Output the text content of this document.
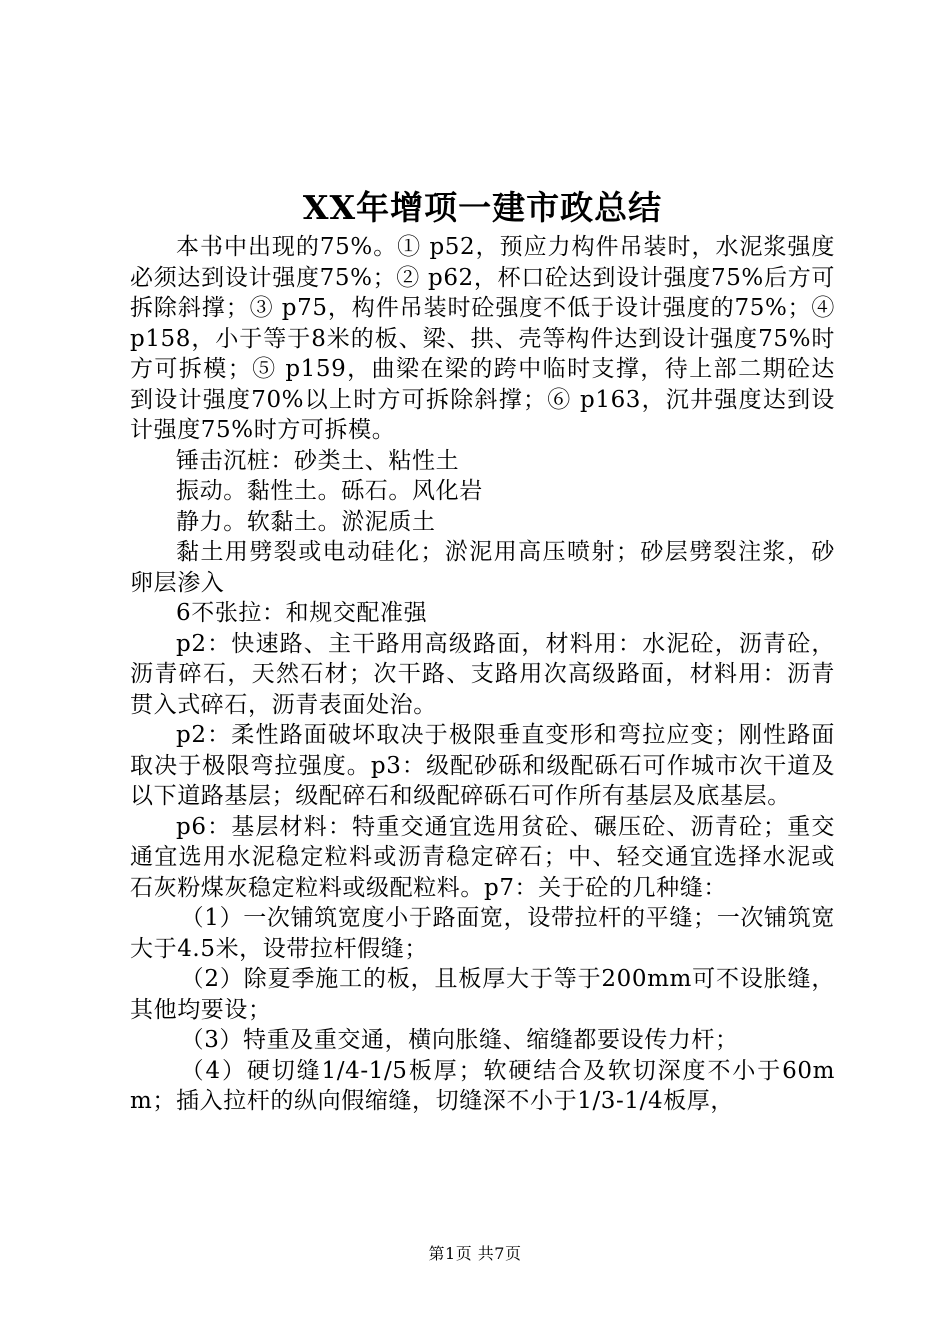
XX年增项一建市政总结

本书中出现的75%。① p52，预应力构件吊装时，水泥浆强度必须达到设计强度75%；② p62，杯口砼达到设计强度75%后方可拆除斜撑；③ p75，构件吊装时砼强度不低于设计强度的75%；④ p158，小于等于8米的板、梁、拱、壳等构件达到设计强度75%时方可拆模；⑤ p159，曲梁在梁的跨中临时支撑，待上部二期砼达到设计强度70%以上时方可拆除斜撑；⑥ p163，沉井强度达到设计强度75%时方可拆模。

锤击沉桩：砂类土、粘性土

振动。黏性土。砾石。风化岩

静力。软黏土。淤泥质土

黏土用劈裂或电动硅化；淤泥用高压喷射；砂层劈裂注浆，砂卵层渗入

6不张拉：和规交配准强

p2：快速路、主干路用高级路面，材料用：水泥砼，沥青砼，沥青碎石，天然石材；次干路、支路用次高级路面，材料用：沥青贯入式碎石，沥青表面处治。

p2：柔性路面破坏取决于极限垂直变形和弯拉应变；刚性路面取决于极限弯拉强度。p3：级配砂砾和级配砾石可作城市次干道及以下道路基层；级配碎石和级配碎砾石可作所有基层及底基层。

p6：基层材料：特重交通宜选用贫砼、碾压砼、沥青砼；重交通宜选用水泥稳定粒料或沥青稳定碎石；中、轻交通宜选择水泥或石灰粉煤灰稳定粒料或级配粒料。p7：关于砼的几种缝：

（1）一次铺筑宽度小于路面宽，设带拉杆的平缝；一次铺筑宽大于4.5米，设带拉杆假缝；

（2）除夏季施工的板，且板厚大于等于200mm可不设胀缝，其他均要设；

（3）特重及重交通，横向胀缝、缩缝都要设传力杆；

（4）硬切缝1/4-1/5板厚；软硬结合及软切深度不小于60mm；插入拉杆的纵向假缩缝，切缝深不小于1/3-1/4板厚，

第1页 共7页
